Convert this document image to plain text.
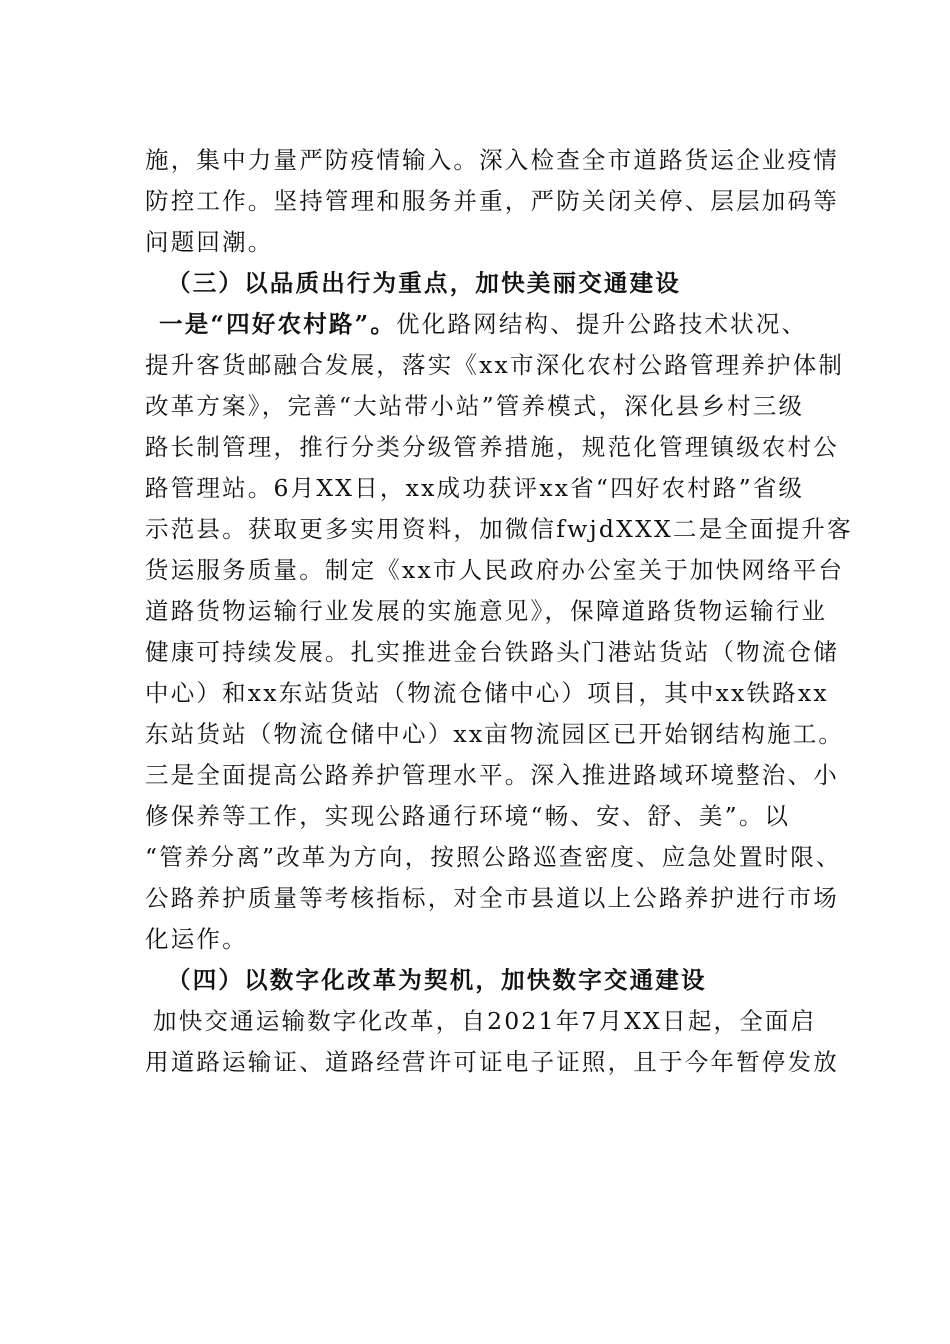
施，集中力量严防疫情输入。深入检查全市道路货运企业疫情
防控工作。坚持管理和服务并重，严防关闭关停、层层加码等
问题回潮。
（三）以品质出行为重点，加快美丽交通建设
一是“四好农村路”。优化路网结构、提升公路技术状况、
提升客货邮融合发展，落实《xx市深化农村公路管理养护体制
改革方案》，完善“大站带小站”管养模式，深化县乡村三级
路长制管理，推行分类分级管养措施，规范化管理镇级农村公
路管理站。6月XX日，xx成功获评xx省“四好农村路”省级
示范县。获取更多实用资料，加微信fwjdXXX二是全面提升客
货运服务质量。制定《xx市人民政府办公室关于加快网络平台
道路货物运输行业发展的实施意见》，保障道路货物运输行业
健康可持续发展。扎实推进金台铁路头门港站货站（物流仓储
中心）和xx东站货站（物流仓储中心）项目，其中xx铁路xx
东站货站（物流仓储中心）xx亩物流园区已开始钢结构施工。
三是全面提高公路养护管理水平。深入推进路域环境整治、小
修保养等工作，实现公路通行环境“畅、安、舒、美”。以
“管养分离”改革为方向，按照公路巡查密度、应急处置时限、
公路养护质量等考核指标，对全市县道以上公路养护进行市场
化运作。
（四）以数字化改革为契机，加快数字交通建设
加快交通运输数字化改革，自2021年7月XX日起，全面启
用道路运输证、道路经营许可证电子证照，且于今年暂停发放
